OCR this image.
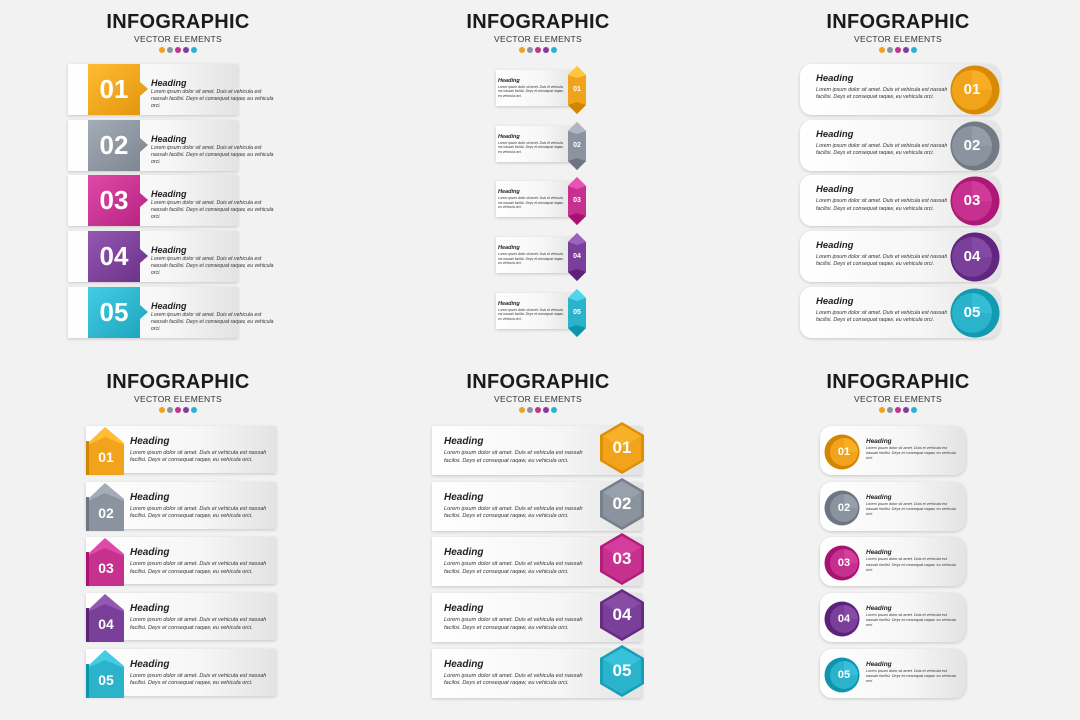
INFOGRAPHIC
VECTOR ELEMENTS
01	Heading
Lorem ipsum dolor sit amet. Duis et vehicula est nassah facilisi. Deys et consequat raqaw, eu vehicula orci.
02	Heading
Lorem ipsum dolor sit amet. Duis et vehicula est nassah facilisi. Deys et consequat raqaw, eu vehicula orci.
03	Heading
Lorem ipsum dolor sit amet. Duis et vehicula est nassah facilisi. Deys et consequat raqaw, eu vehicula orci.
04	Heading
Lorem ipsum dolor sit amet. Duis et vehicula est nassah facilisi. Deys et consequat raqaw, eu vehicula orci.
05	Heading
Lorem ipsum dolor sit amet. Duis et vehicula est nassah facilisi. Deys et consequat raqaw, eu vehicula orci.
INFOGRAPHIC
VECTOR ELEMENTS
01
Heading
Lorem ipsum dolor sit amet. Duis et vehicula est nassah facilisi. Deys et consequat raqaw, eu vehicula orci.
02
Heading
Lorem ipsum dolor sit amet. Duis et vehicula est nassah facilisi. Deys et consequat raqaw, eu vehicula orci.
03
Heading
Lorem ipsum dolor sit amet. Duis et vehicula est nassah facilisi. Deys et consequat raqaw, eu vehicula orci.
04
Heading
Lorem ipsum dolor sit amet. Duis et vehicula est nassah facilisi. Deys et consequat raqaw, eu vehicula orci.
05
Heading
Lorem ipsum dolor sit amet. Duis et vehicula est nassah facilisi. Deys et consequat raqaw, eu vehicula orci.
INFOGRAPHIC
VECTOR ELEMENTS
01
Heading
Lorem ipsum dolor sit amet. Duis et vehicula est nassah facilisi. Deys et consequat raqaw, eu vehicula orci.
02
Heading
Lorem ipsum dolor sit amet. Duis et vehicula est nassah facilisi. Deys et consequat raqaw, eu vehicula orci.
03
Heading
Lorem ipsum dolor sit amet. Duis et vehicula est nassah facilisi. Deys et consequat raqaw, eu vehicula orci.
04
Heading
Lorem ipsum dolor sit amet. Duis et vehicula est nassah facilisi. Deys et consequat raqaw, eu vehicula orci.
05
Heading
Lorem ipsum dolor sit amet. Duis et vehicula est nassah facilisi. Deys et consequat raqaw, eu vehicula orci.
INFOGRAPHIC
VECTOR ELEMENTS
01
Heading
Lorem ipsum dolor sit amet. Duis et vehicula est nassah facilisi. Deys et consequat raqaw, eu vehicula orci.
02
Heading
Lorem ipsum dolor sit amet. Duis et vehicula est nassah facilisi. Deys et consequat raqaw, eu vehicula orci.
03
Heading
Lorem ipsum dolor sit amet. Duis et vehicula est nassah facilisi. Deys et consequat raqaw, eu vehicula orci.
04
Heading
Lorem ipsum dolor sit amet. Duis et vehicula est nassah facilisi. Deys et consequat raqaw, eu vehicula orci.
05
Heading
Lorem ipsum dolor sit amet. Duis et vehicula est nassah facilisi. Deys et consequat raqaw, eu vehicula orci.
INFOGRAPHIC
VECTOR ELEMENTS
01
Heading
Lorem ipsum dolor sit amet. Duis et vehicula est nassah facilisi. Deys et consequat raqaw, eu vehicula orci.
02
Heading
Lorem ipsum dolor sit amet. Duis et vehicula est nassah facilisi. Deys et consequat raqaw, eu vehicula orci.
03
Heading
Lorem ipsum dolor sit amet. Duis et vehicula est nassah facilisi. Deys et consequat raqaw, eu vehicula orci.
04
Heading
Lorem ipsum dolor sit amet. Duis et vehicula est nassah facilisi. Deys et consequat raqaw, eu vehicula orci.
05
Heading
Lorem ipsum dolor sit amet. Duis et vehicula est nassah facilisi. Deys et consequat raqaw, eu vehicula orci.
INFOGRAPHIC
VECTOR ELEMENTS
01
Heading
Lorem ipsum dolor sit amet. Duis et vehicula est nassah facilisi. Deys et consequat raqaw, eu vehicula orci.
02
Heading
Lorem ipsum dolor sit amet. Duis et vehicula est nassah facilisi. Deys et consequat raqaw, eu vehicula orci.
03
Heading
Lorem ipsum dolor sit amet. Duis et vehicula est nassah facilisi. Deys et consequat raqaw, eu vehicula orci.
04
Heading
Lorem ipsum dolor sit amet. Duis et vehicula est nassah facilisi. Deys et consequat raqaw, eu vehicula orci.
05
Heading
Lorem ipsum dolor sit amet. Duis et vehicula est nassah facilisi. Deys et consequat raqaw, eu vehicula orci.
